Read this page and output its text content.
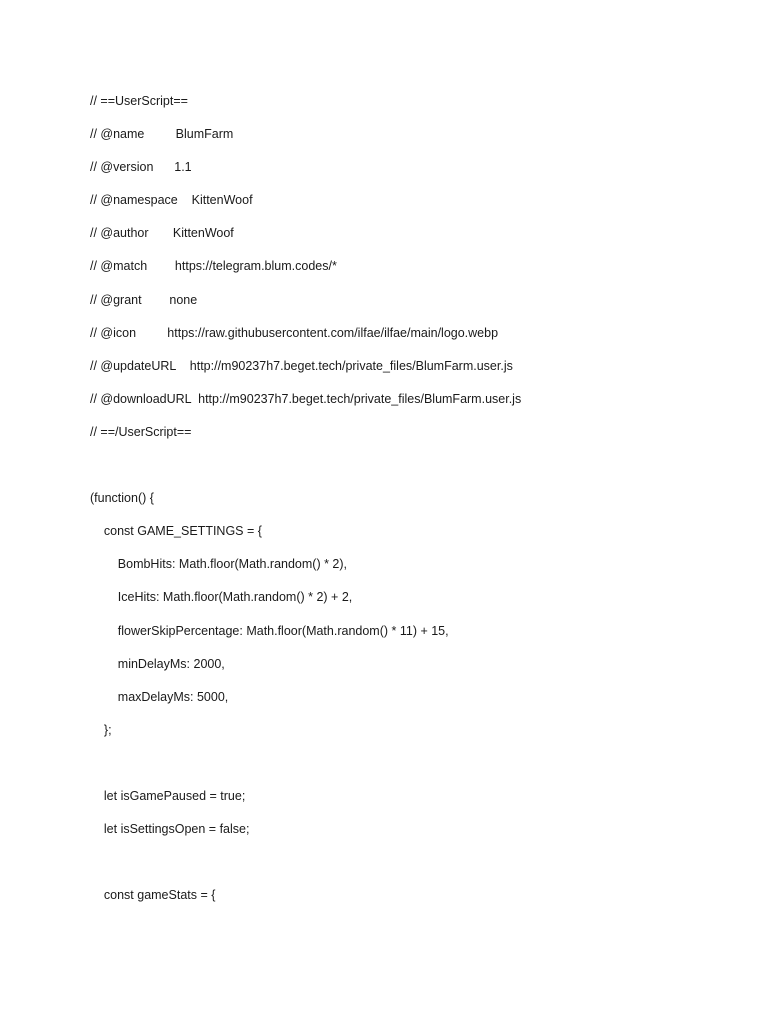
// ==UserScript==
// @name         BlumFarm
// @version      1.1
// @namespace    KittenWoof
// @author       KittenWoof
// @match        https://telegram.blum.codes/*
// @grant        none
// @icon         https://raw.githubusercontent.com/ilfae/ilfae/main/logo.webp
// @updateURL    http://m90237h7.beget.tech/private_files/BlumFarm.user.js
// @downloadURL  http://m90237h7.beget.tech/private_files/BlumFarm.user.js
// ==/UserScript==
(function() {
const GAME_SETTINGS = {
BombHits: Math.floor(Math.random() * 2),
IceHits: Math.floor(Math.random() * 2) + 2,
flowerSkipPercentage: Math.floor(Math.random() * 11) + 15,
minDelayMs: 2000,
maxDelayMs: 5000,
};
let isGamePaused = true;
let isSettingsOpen = false;
const gameStats = {
